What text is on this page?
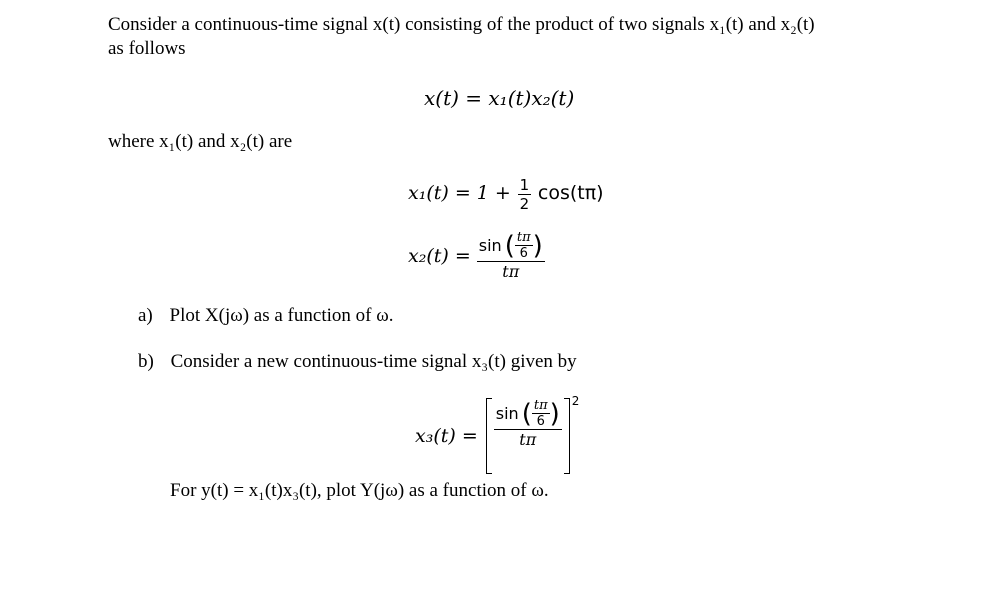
Consider a continuous-time signal x(t) consisting of the product of two signals x₁(t) and x₂(t)
as follows
x(t) = x₁(t)x₂(t)
where x₁(t) and x₂(t) are
$x_1(t) = 1 + \frac{1}{2} \cos(t\pi)$
x₂(t) = sin ( $\frac{t\pi}{6}$ )
tπ
a) Plot X(jω) as a function of ω.
b) Consider a new continuous-time signal x₃(t) given by
x₃(t) =
sin ( $\frac{t\pi}{6}$ )
tπ
2
For y(t) = x₁(t)x₃(t), plot Y(jω) as a function of ω.
